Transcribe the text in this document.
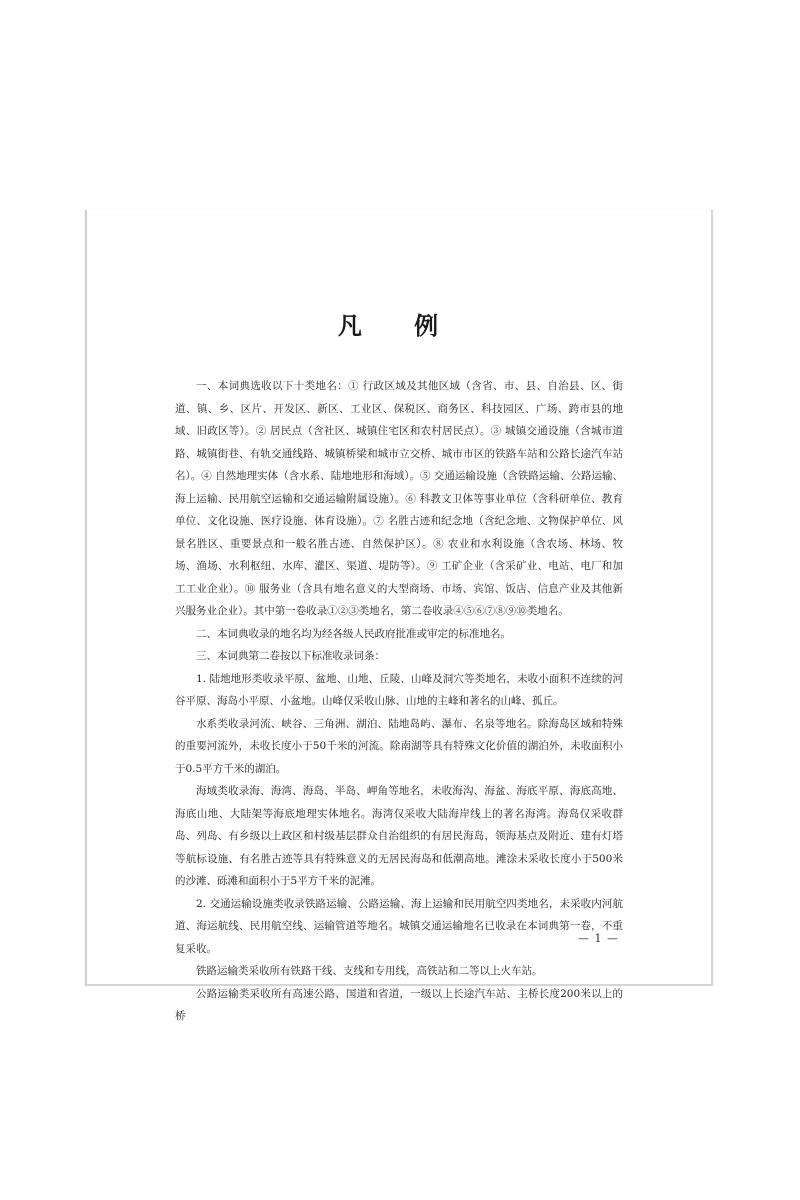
凡 例

一、本词典选收以下十类地名：① 行政区域及其他区域（含省、市、县、自治县、区、街道、镇、乡、区片、开发区、新区、工业区、保税区、商务区、科技园区、广场、跨市县的地域、旧政区等）。② 居民点（含社区、城镇住宅区和农村居民点）。③ 城镇交通设施（含城市道路、城镇街巷、有轨交通线路、城镇桥梁和城市立交桥、城市市区的铁路车站和公路长途汽车站名）。④ 自然地理实体（含水系、陆地地形和海域）。⑤ 交通运输设施（含铁路运输、公路运输、海上运输、民用航空运输和交通运输附属设施）。⑥ 科教文卫体等事业单位（含科研单位、教育单位、文化设施、医疗设施、体育设施）。⑦ 名胜古迹和纪念地（含纪念地、文物保护单位、风景名胜区、重要景点和一般名胜古迹、自然保护区）。⑧ 农业和水利设施（含农场、林场、牧场、渔场、水利枢纽、水库、灌区、渠道、堤防等）。⑨ 工矿企业（含采矿业、电站、电厂和加工工业企业）。⑩ 服务业（含具有地名意义的大型商场、市场、宾馆、饭店、信息产业及其他新兴服务业企业）。其中第一卷收录①②③类地名，第二卷收录④⑤⑥⑦⑧⑨⑩类地名。

二、本词典收录的地名均为经各级人民政府批准或审定的标准地名。

三、本词典第二卷按以下标准收录词条：

1. 陆地地形类收录平原、盆地、山地、丘陵、山峰及洞穴等类地名，未收小面积不连续的河谷平原、海岛小平原、小盆地。山峰仅采收山脉、山地的主峰和著名的山峰、孤丘。

水系类收录河流、峡谷、三角洲、湖泊、陆地岛屿、瀑布、名泉等地名。除海岛区域和特殊的重要河流外，未收长度小于50千米的河流。除南湖等具有特殊文化价值的湖泊外，未收面积小于0.5平方千米的湖泊。

海域类收录海、海湾、海岛、半岛、岬角等地名，未收海沟、海盆、海底平原、海底高地、海底山地、大陆架等海底地理实体地名。海湾仅采收大陆海岸线上的著名海湾。海岛仅采收群岛、列岛、有乡级以上政区和村级基层群众自治组织的有居民海岛，领海基点及附近、建有灯塔等航标设施、有名胜古迹等具有特殊意义的无居民海岛和低潮高地。滩涂未采收长度小于500米的沙滩、砾滩和面积小于5平方千米的泥滩。

2. 交通运输设施类收录铁路运输、公路运输、海上运输和民用航空四类地名，未采收内河航道、海运航线、民用航空线、运输管道等地名。城镇交通运输地名已收录在本词典第一卷，不重复采收。

铁路运输类采收所有铁路干线、支线和专用线，高铁站和二等以上火车站。

公路运输类采收所有高速公路、国道和省道，一级以上长途汽车站、主桥长度200米以上的桥

— 1 —
